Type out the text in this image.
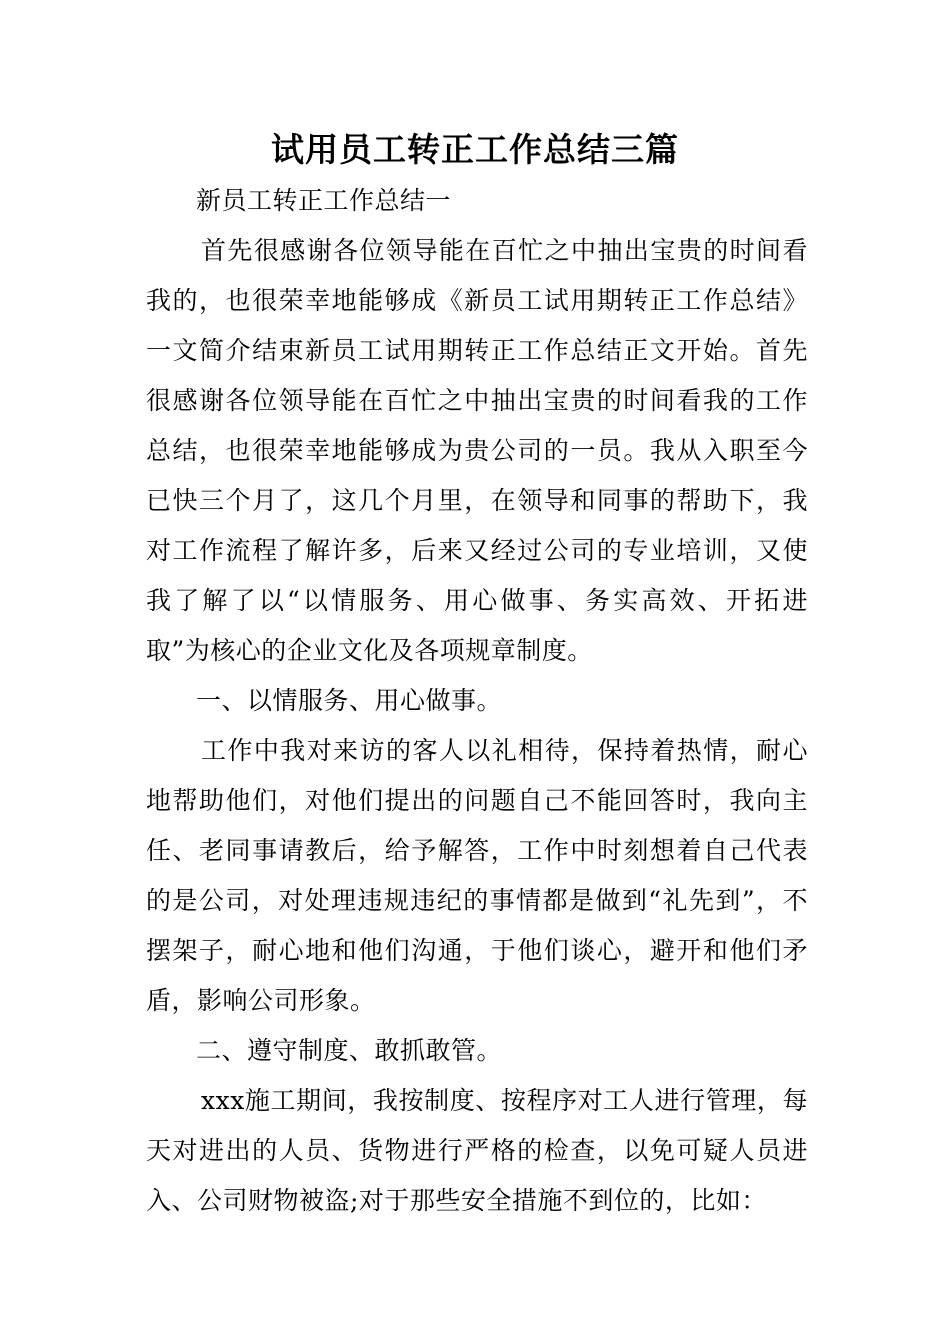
试用员工转正工作总结三篇

新员工转正工作总结一

首先很感谢各位领导能在百忙之中抽出宝贵的时间看我的，也很荣幸地能够成《新员工试用期转正工作总结》一文简介结束新员工试用期转正工作总结正文开始。首先很感谢各位领导能在百忙之中抽出宝贵的时间看我的工作总结，也很荣幸地能够成为贵公司的一员。我从入职至今已快三个月了，这几个月里，在领导和同事的帮助下，我对工作流程了解许多，后来又经过公司的专业培训，又使我了解了以“以情服务、用心做事、务实高效、开拓进取”为核心的企业文化及各项规章制度。

一、以情服务、用心做事。

工作中我对来访的客人以礼相待，保持着热情，耐心地帮助他们，对他们提出的问题自己不能回答时，我向主任、老同事请教后，给予解答，工作中时刻想着自己代表的是公司，对处理违规违纪的事情都是做到“礼先到”，不摆架子，耐心地和他们沟通，于他们谈心，避开和他们矛盾，影响公司形象。

二、遵守制度、敢抓敢管。

xxx施工期间，我按制度、按程序对工人进行管理，每天对进出的人员、货物进行严格的检查，以免可疑人员进入、公司财物被盗;对于那些安全措施不到位的，比如：
